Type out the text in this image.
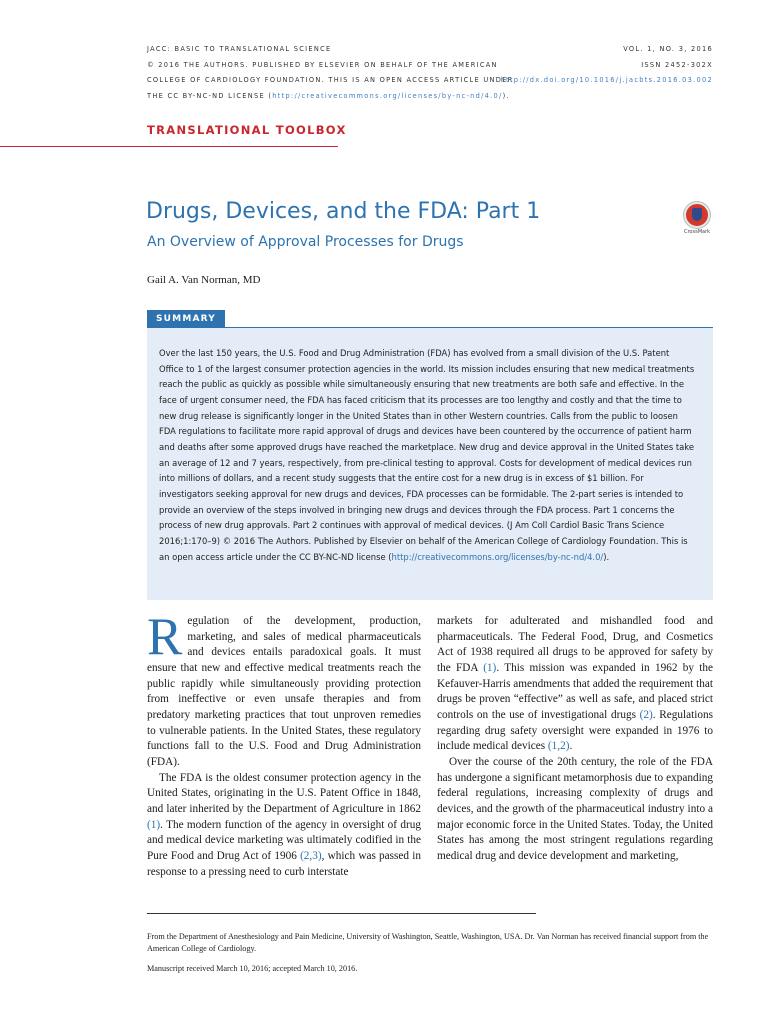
JACC: BASIC TO TRANSLATIONAL SCIENCE
© 2016 THE AUTHORS. PUBLISHED BY ELSEVIER ON BEHALF OF THE AMERICAN
COLLEGE OF CARDIOLOGY FOUNDATION. THIS IS AN OPEN ACCESS ARTICLE UNDER
THE CC BY-NC-ND LICENSE (http://creativecommons.org/licenses/by-nc-nd/4.0/).
VOL. 1, NO. 3, 2016
ISSN 2452-302X
http://dx.doi.org/10.1016/j.jacbts.2016.03.002
TRANSLATIONAL TOOLBOX
Drugs, Devices, and the FDA: Part 1
An Overview of Approval Processes for Drugs
CrossMark
Gail A. Van Norman, MD
SUMMARY
Over the last 150 years, the U.S. Food and Drug Administration (FDA) has evolved from a small division of the U.S. Patent Office to 1 of the largest consumer protection agencies in the world. Its mission includes ensuring that new medical treatments reach the public as quickly as possible while simultaneously ensuring that new treatments are both safe and effective. In the face of urgent consumer need, the FDA has faced criticism that its processes are too lengthy and costly and that the time to new drug release is significantly longer in the United States than in other Western countries. Calls from the public to loosen FDA regulations to facilitate more rapid approval of drugs and devices have been countered by the occurrence of patient harm and deaths after some approved drugs have reached the marketplace. New drug and device approval in the United States take an average of 12 and 7 years, respectively, from pre-clinical testing to approval. Costs for development of medical devices run into millions of dollars, and a recent study suggests that the entire cost for a new drug is in excess of $1 billion. For investigators seeking approval for new drugs and devices, FDA processes can be formidable. The 2-part series is intended to provide an overview of the steps involved in bringing new drugs and devices through the FDA process. Part 1 concerns the process of new drug approvals. Part 2 continues with approval of medical devices. (J Am Coll Cardiol Basic Trans Science 2016;1:170–9) © 2016 The Authors. Published by Elsevier on behalf of the American College of Cardiology Foundation. This is an open access article under the CC BY-NC-ND license (http://creativecommons.org/licenses/by-nc-nd/4.0/).

Regulation of the development, production, marketing, and sales of medical pharmaceuticals and devices entails paradoxical goals. It must ensure that new and effective medical treatments reach the public rapidly while simultaneously providing protection from ineffective or even unsafe therapies and from predatory marketing practices that tout unproven remedies to vulnerable patients. In the United States, these regulatory functions fall to the U.S. Food and Drug Administration (FDA).

The FDA is the oldest consumer protection agency in the United States, originating in the U.S. Patent Office in 1848, and later inherited by the Department of Agriculture in 1862 (1). The modern function of the agency in oversight of drug and medical device marketing was ultimately codified in the Pure Food and Drug Act of 1906 (2,3), which was passed in response to a pressing need to curb interstate

markets for adulterated and mishandled food and pharmaceuticals. The Federal Food, Drug, and Cosmetics Act of 1938 required all drugs to be approved for safety by the FDA (1). This mission was expanded in 1962 by the Kefauver-Harris amendments that added the requirement that drugs be proven “effective” as well as safe, and placed strict controls on the use of investigational drugs (2). Regulations regarding drug safety oversight were expanded in 1976 to include medical devices (1,2).

Over the course of the 20th century, the role of the FDA has undergone a significant metamorphosis due to expanding federal regulations, increasing complexity of drugs and devices, and the growth of the pharmaceutical industry into a major economic force in the United States. Today, the United States has among the most stringent regulations regarding medical drug and device development and marketing,

From the Department of Anesthesiology and Pain Medicine, University of Washington, Seattle, Washington, USA. Dr. Van Norman has received financial support from the American College of Cardiology.
Manuscript received March 10, 2016; accepted March 10, 2016.
